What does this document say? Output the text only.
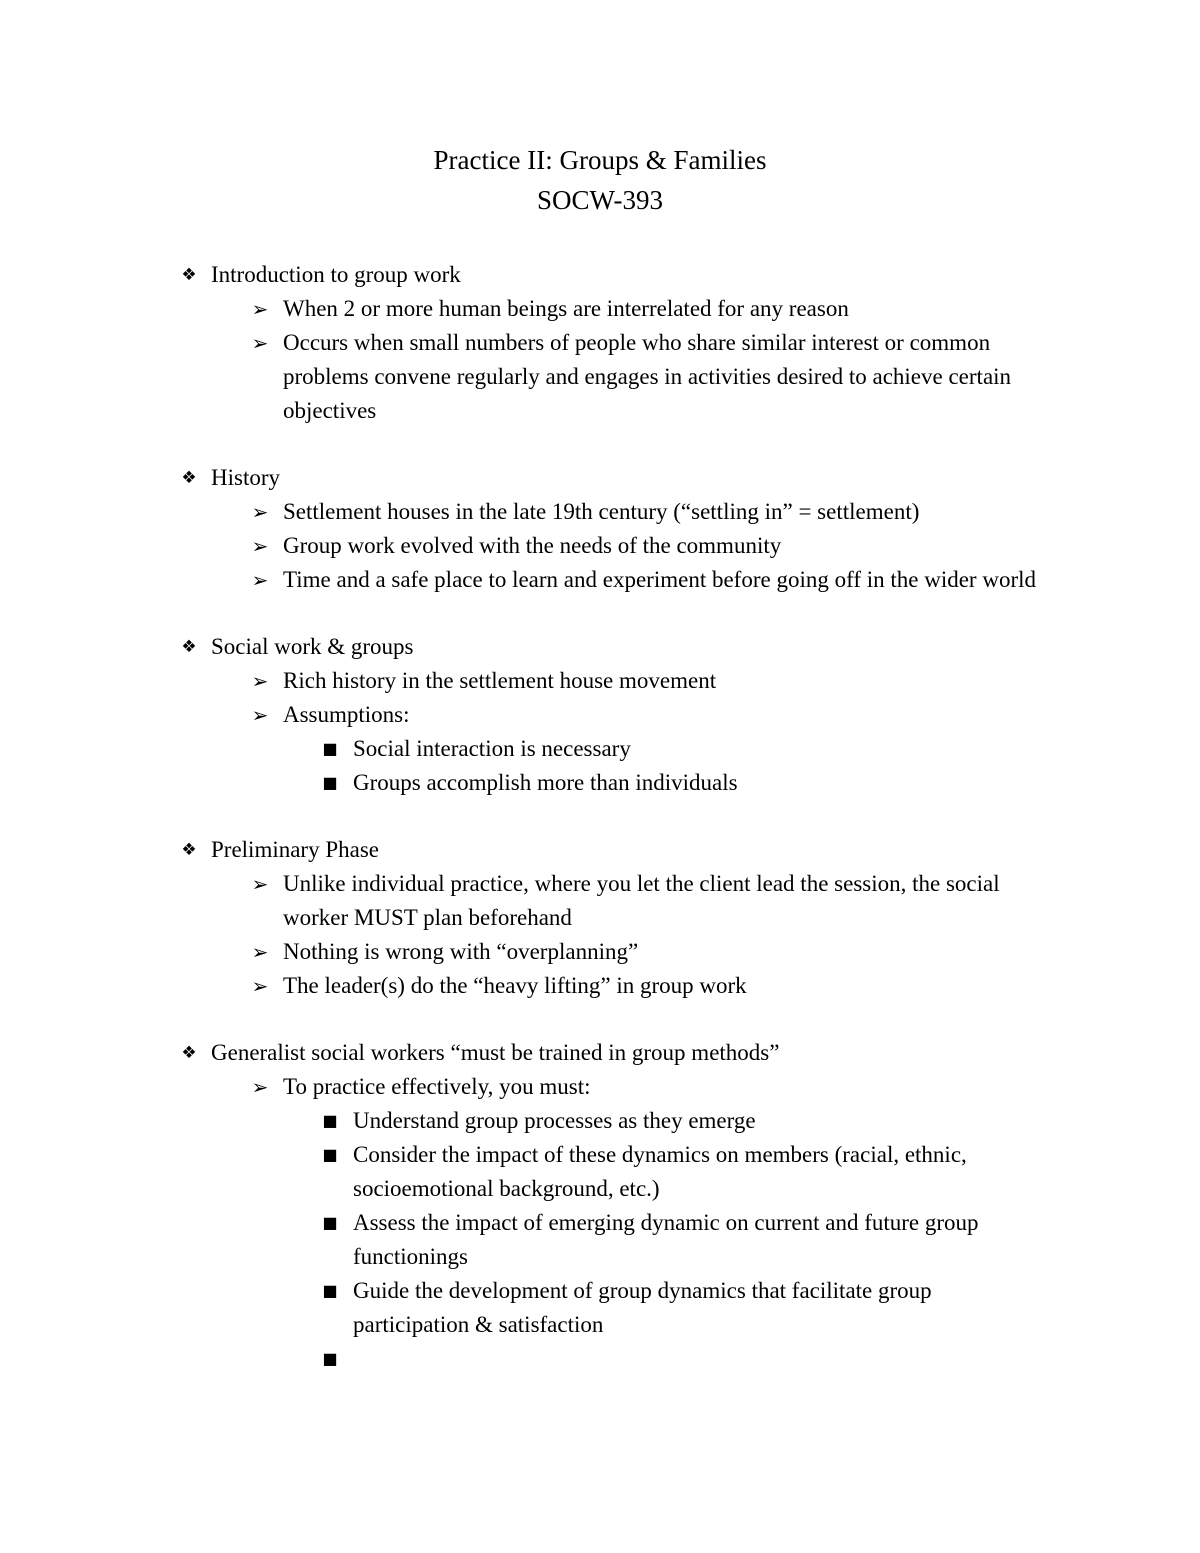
Practice II: Groups & Families
SOCW-393
❖ Introduction to group work
➢ When 2 or more human beings are interrelated for any reason
➢ Occurs when small numbers of people who share similar interest or common problems convene regularly and engages in activities desired to achieve certain objectives
❖ History
➢ Settlement houses in the late 19th century (“settling in” = settlement)
➢ Group work evolved with the needs of the community
➢ Time and a safe place to learn and experiment before going off in the wider world
❖ Social work & groups
➢ Rich history in the settlement house movement
➢ Assumptions:
■ Social interaction is necessary
■ Groups accomplish more than individuals
❖ Preliminary Phase
➢ Unlike individual practice, where you let the client lead the session, the social worker MUST plan beforehand
➢ Nothing is wrong with “overplanning”
➢ The leader(s) do the “heavy lifting” in group work
❖ Generalist social workers “must be trained in group methods”
➢ To practice effectively, you must:
■ Understand group processes as they emerge
■ Consider the impact of these dynamics on members (racial, ethnic, socioemotional background, etc.)
■ Assess the impact of emerging dynamic on current and future group functionings
■ Guide the development of group dynamics that facilitate group participation & satisfaction
■
